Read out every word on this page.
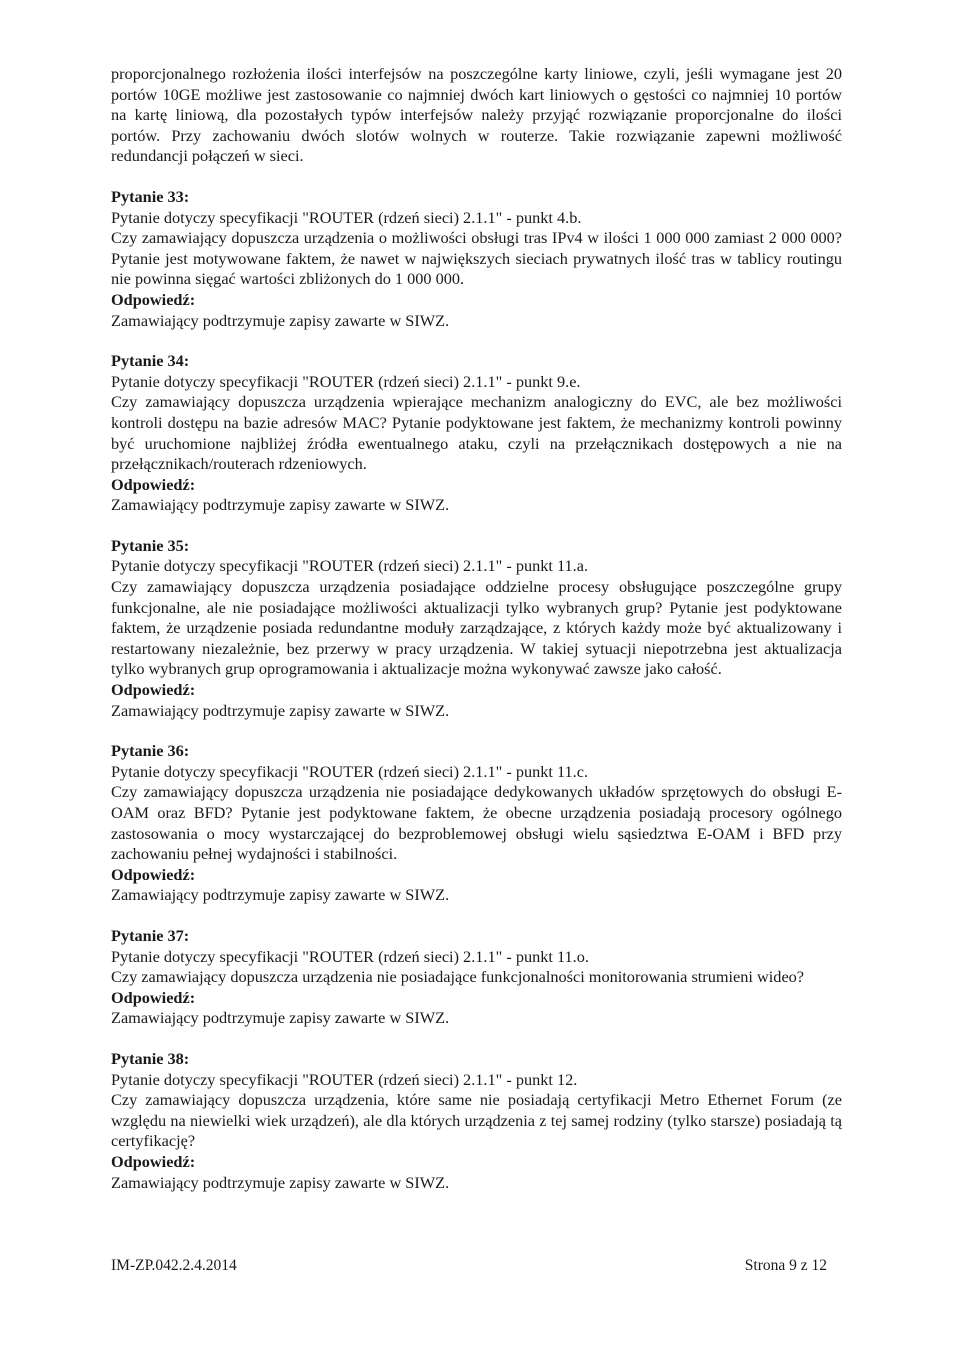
proporcjonalnego rozłożenia ilości interfejsów na poszczególne karty liniowe, czyli, jeśli wymagane jest 20 portów 10GE możliwe jest zastosowanie co najmniej dwóch kart liniowych o gęstości co najmniej 10 portów na kartę liniową, dla pozostałych typów interfejsów należy przyjąć rozwiązanie proporcjonalne do ilości portów. Przy zachowaniu dwóch slotów wolnych w routerze. Takie rozwiązanie zapewni możliwość redundancji połączeń w sieci.

Pytanie 33:

Pytanie dotyczy specyfikacji "ROUTER (rdzeń sieci) 2.1.1" - punkt 4.b.

Czy zamawiający dopuszcza urządzenia o możliwości obsługi tras IPv4 w ilości 1 000 000 zamiast 2 000 000? Pytanie jest motywowane faktem, że nawet w największych sieciach prywatnych ilość tras w tablicy routingu nie powinna sięgać wartości zbliżonych do 1 000 000.

Odpowiedź:

Zamawiający podtrzymuje zapisy zawarte w SIWZ.

Pytanie 34:

Pytanie dotyczy specyfikacji "ROUTER (rdzeń sieci) 2.1.1" - punkt 9.e.

Czy zamawiający dopuszcza urządzenia wpierające mechanizm analogiczny do EVC, ale bez możliwości kontroli dostępu na bazie adresów MAC? Pytanie podyktowane jest faktem, że mechanizmy kontroli powinny być uruchomione najbliżej źródła ewentualnego ataku, czyli na przełącznikach dostępowych a nie na przełącznikach/routerach rdzeniowych.

Odpowiedź:

Zamawiający podtrzymuje zapisy zawarte w SIWZ.

Pytanie 35:

Pytanie dotyczy specyfikacji "ROUTER (rdzeń sieci) 2.1.1" - punkt 11.a.

Czy zamawiający dopuszcza urządzenia posiadające oddzielne procesy obsługujące poszczególne grupy funkcjonalne, ale nie posiadające możliwości aktualizacji tylko wybranych grup? Pytanie jest podyktowane faktem, że urządzenie posiada redundantne moduły zarządzające, z których każdy może być aktualizowany i restartowany niezależnie, bez przerwy w pracy urządzenia. W takiej sytuacji niepotrzebna jest aktualizacja tylko wybranych grup oprogramowania i aktualizacje można wykonywać zawsze jako całość.

Odpowiedź:

Zamawiający podtrzymuje zapisy zawarte w SIWZ.

Pytanie 36:

Pytanie dotyczy specyfikacji "ROUTER (rdzeń sieci) 2.1.1" - punkt 11.c.

Czy zamawiający dopuszcza urządzenia nie posiadające dedykowanych układów sprzętowych do obsługi E-OAM oraz BFD? Pytanie jest podyktowane faktem, że obecne urządzenia posiadają procesory ogólnego zastosowania o mocy wystarczającej do bezproblemowej obsługi wielu sąsiedztwa E-OAM i BFD przy zachowaniu pełnej wydajności i stabilności.

Odpowiedź:

Zamawiający podtrzymuje zapisy zawarte w SIWZ.

Pytanie 37:

Pytanie dotyczy specyfikacji "ROUTER (rdzeń sieci) 2.1.1" - punkt 11.o.

Czy zamawiający dopuszcza urządzenia nie posiadające funkcjonalności monitorowania strumieni wideo?

Odpowiedź:

Zamawiający podtrzymuje zapisy zawarte w SIWZ.

Pytanie 38:

Pytanie dotyczy specyfikacji "ROUTER (rdzeń sieci) 2.1.1" - punkt 12.

Czy zamawiający dopuszcza urządzenia, które same nie posiadają certyfikacji Metro Ethernet Forum (ze względu na niewielki wiek urządzeń), ale dla których urządzenia z tej samej rodziny (tylko starsze) posiadają tą certyfikację?

Odpowiedź:

Zamawiający podtrzymuje zapisy zawarte w SIWZ.

IM-ZP.042.2.4.2014	Strona 9 z 12
